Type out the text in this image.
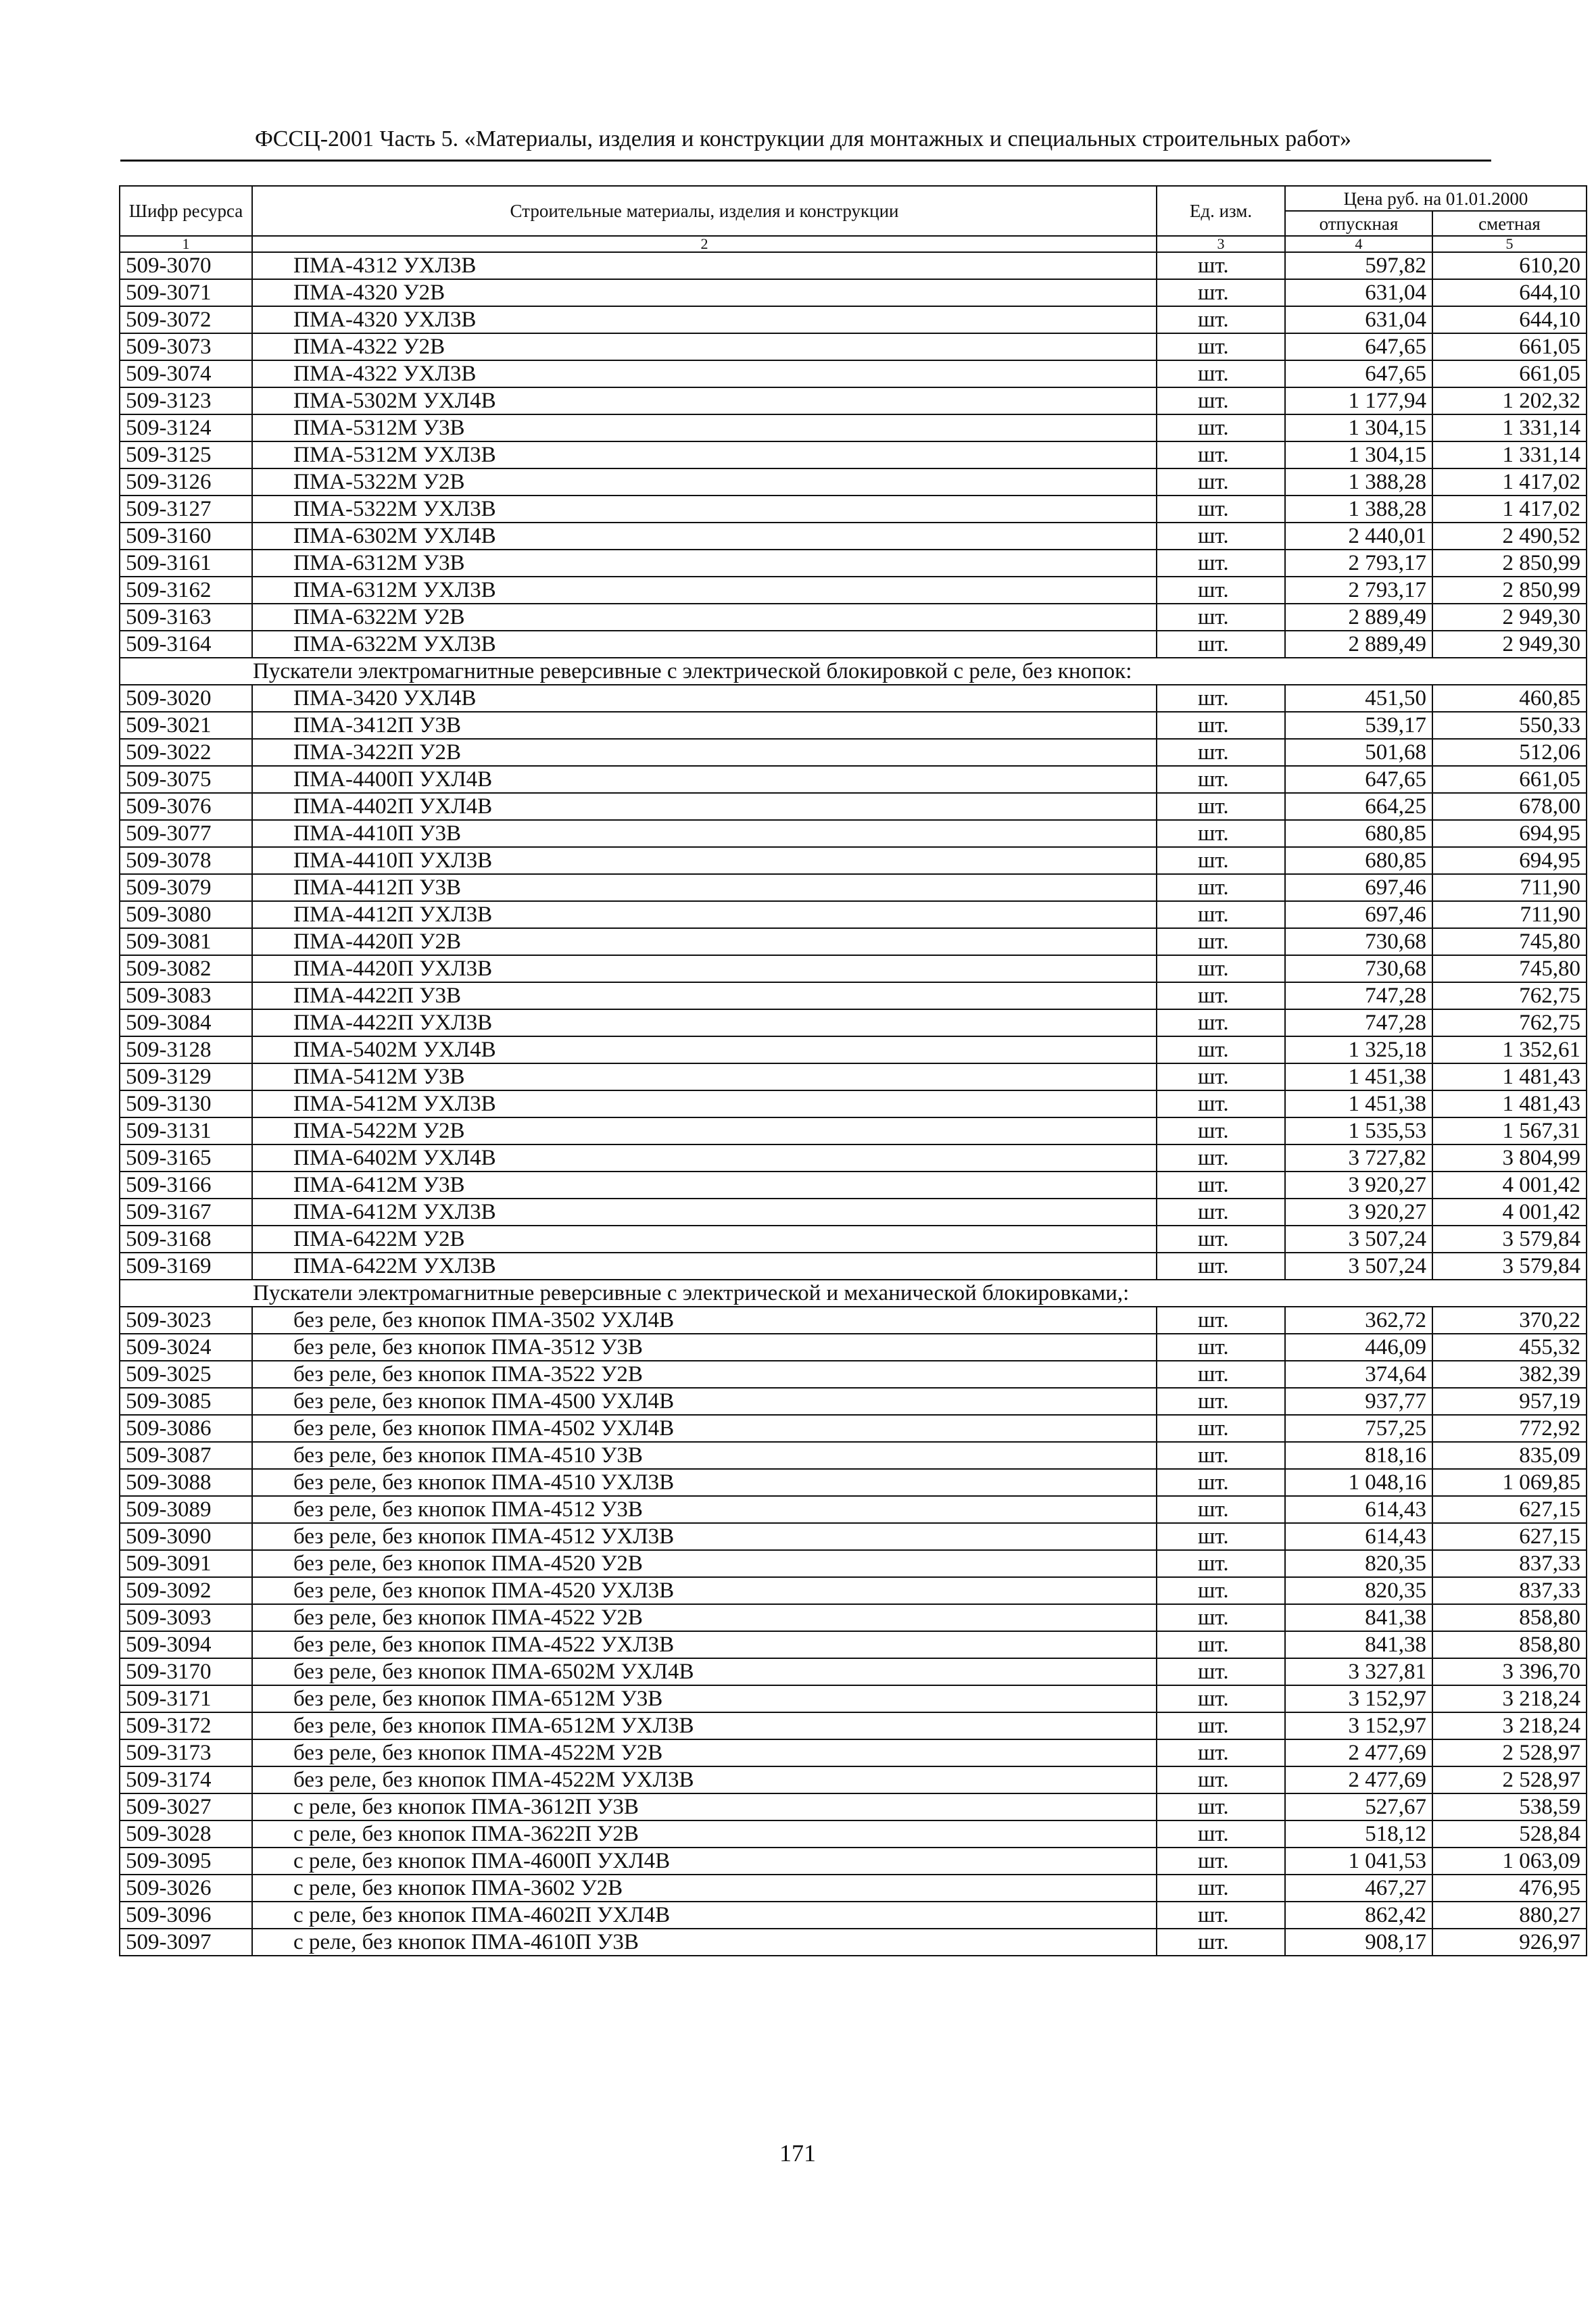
ФССЦ-2001 Часть 5. «Материалы, изделия и конструкции для монтажных и специальных строительных работ»
Шифр ресурса	Строительные материалы, изделия и конструкции	Ед. изм.	Цена руб. на 01.01.2000	
			отпускная	сметная
1	2	3	4	5
509-3070	ПМА-4312 УХЛ3В	шт.	597,82	610,20
509-3071	ПМА-4320 У2В	шт.	631,04	644,10
509-3072	ПМА-4320 УХЛ3В	шт.	631,04	644,10
509-3073	ПМА-4322 У2В	шт.	647,65	661,05
509-3074	ПМА-4322 УХЛ3В	шт.	647,65	661,05
509-3123	ПМА-5302М УХЛ4В	шт.	1 177,94	1 202,32
509-3124	ПМА-5312М У3В	шт.	1 304,15	1 331,14
509-3125	ПМА-5312М УХЛ3В	шт.	1 304,15	1 331,14
509-3126	ПМА-5322М У2В	шт.	1 388,28	1 417,02
509-3127	ПМА-5322М УХЛ3В	шт.	1 388,28	1 417,02
509-3160	ПМА-6302М УХЛ4В	шт.	2 440,01	2 490,52
509-3161	ПМА-6312М У3В	шт.	2 793,17	2 850,99
509-3162	ПМА-6312М УХЛ3В	шт.	2 793,17	2 850,99
509-3163	ПМА-6322М У2В	шт.	2 889,49	2 949,30
509-3164	ПМА-6322М УХЛ3В	шт.	2 889,49	2 949,30
Пускатели электромагнитные реверсивные с электрической блокировкой с реле, без кнопок:				
509-3020	ПМА-3420 УХЛ4В	шт.	451,50	460,85
509-3021	ПМА-3412П У3В	шт.	539,17	550,33
509-3022	ПМА-3422П У2В	шт.	501,68	512,06
509-3075	ПМА-4400П УХЛ4В	шт.	647,65	661,05
509-3076	ПМА-4402П УХЛ4В	шт.	664,25	678,00
509-3077	ПМА-4410П У3В	шт.	680,85	694,95
509-3078	ПМА-4410П УХЛ3В	шт.	680,85	694,95
509-3079	ПМА-4412П У3В	шт.	697,46	711,90
509-3080	ПМА-4412П УХЛ3В	шт.	697,46	711,90
509-3081	ПМА-4420П У2В	шт.	730,68	745,80
509-3082	ПМА-4420П УХЛ3В	шт.	730,68	745,80
509-3083	ПМА-4422П У3В	шт.	747,28	762,75
509-3084	ПМА-4422П УХЛ3В	шт.	747,28	762,75
509-3128	ПМА-5402М УХЛ4В	шт.	1 325,18	1 352,61
509-3129	ПМА-5412М У3В	шт.	1 451,38	1 481,43
509-3130	ПМА-5412М УХЛ3В	шт.	1 451,38	1 481,43
509-3131	ПМА-5422М У2В	шт.	1 535,53	1 567,31
509-3165	ПМА-6402М УХЛ4В	шт.	3 727,82	3 804,99
509-3166	ПМА-6412М У3В	шт.	3 920,27	4 001,42
509-3167	ПМА-6412М УХЛ3В	шт.	3 920,27	4 001,42
509-3168	ПМА-6422М У2В	шт.	3 507,24	3 579,84
509-3169	ПМА-6422М УХЛ3В	шт.	3 507,24	3 579,84
Пускатели электромагнитные реверсивные с электрической и механической блокировками,:				
509-3023	без реле, без кнопок ПМА-3502 УХЛ4В	шт.	362,72	370,22
509-3024	без реле, без кнопок ПМА-3512 У3В	шт.	446,09	455,32
509-3025	без реле, без кнопок ПМА-3522 У2В	шт.	374,64	382,39
509-3085	без реле, без кнопок ПМА-4500 УХЛ4В	шт.	937,77	957,19
509-3086	без реле, без кнопок ПМА-4502 УХЛ4В	шт.	757,25	772,92
509-3087	без реле, без кнопок ПМА-4510 У3В	шт.	818,16	835,09
509-3088	без реле, без кнопок ПМА-4510 УХЛ3В	шт.	1 048,16	1 069,85
509-3089	без реле, без кнопок ПМА-4512 У3В	шт.	614,43	627,15
509-3090	без реле, без кнопок ПМА-4512 УХЛ3В	шт.	614,43	627,15
509-3091	без реле, без кнопок ПМА-4520 У2В	шт.	820,35	837,33
509-3092	без реле, без кнопок ПМА-4520 УХЛ3В	шт.	820,35	837,33
509-3093	без реле, без кнопок ПМА-4522 У2В	шт.	841,38	858,80
509-3094	без реле, без кнопок ПМА-4522 УХЛ3В	шт.	841,38	858,80
509-3170	без реле, без кнопок ПМА-6502М УХЛ4В	шт.	3 327,81	3 396,70
509-3171	без реле, без кнопок ПМА-6512М У3В	шт.	3 152,97	3 218,24
509-3172	без реле, без кнопок ПМА-6512М УХЛ3В	шт.	3 152,97	3 218,24
509-3173	без реле, без кнопок ПМА-4522М У2В	шт.	2 477,69	2 528,97
509-3174	без реле, без кнопок ПМА-4522М УХЛ3В	шт.	2 477,69	2 528,97
509-3027	с реле, без кнопок ПМА-3612П У3В	шт.	527,67	538,59
509-3028	с реле, без кнопок ПМА-3622П У2В	шт.	518,12	528,84
509-3095	с реле, без кнопок ПМА-4600П УХЛ4В	шт.	1 041,53	1 063,09
509-3026	с реле, без кнопок ПМА-3602 У2В	шт.	467,27	476,95
509-3096	с реле, без кнопок ПМА-4602П УХЛ4В	шт.	862,42	880,27
509-3097	с реле, без кнопок ПМА-4610П У3В	шт.	908,17	926,97
171
